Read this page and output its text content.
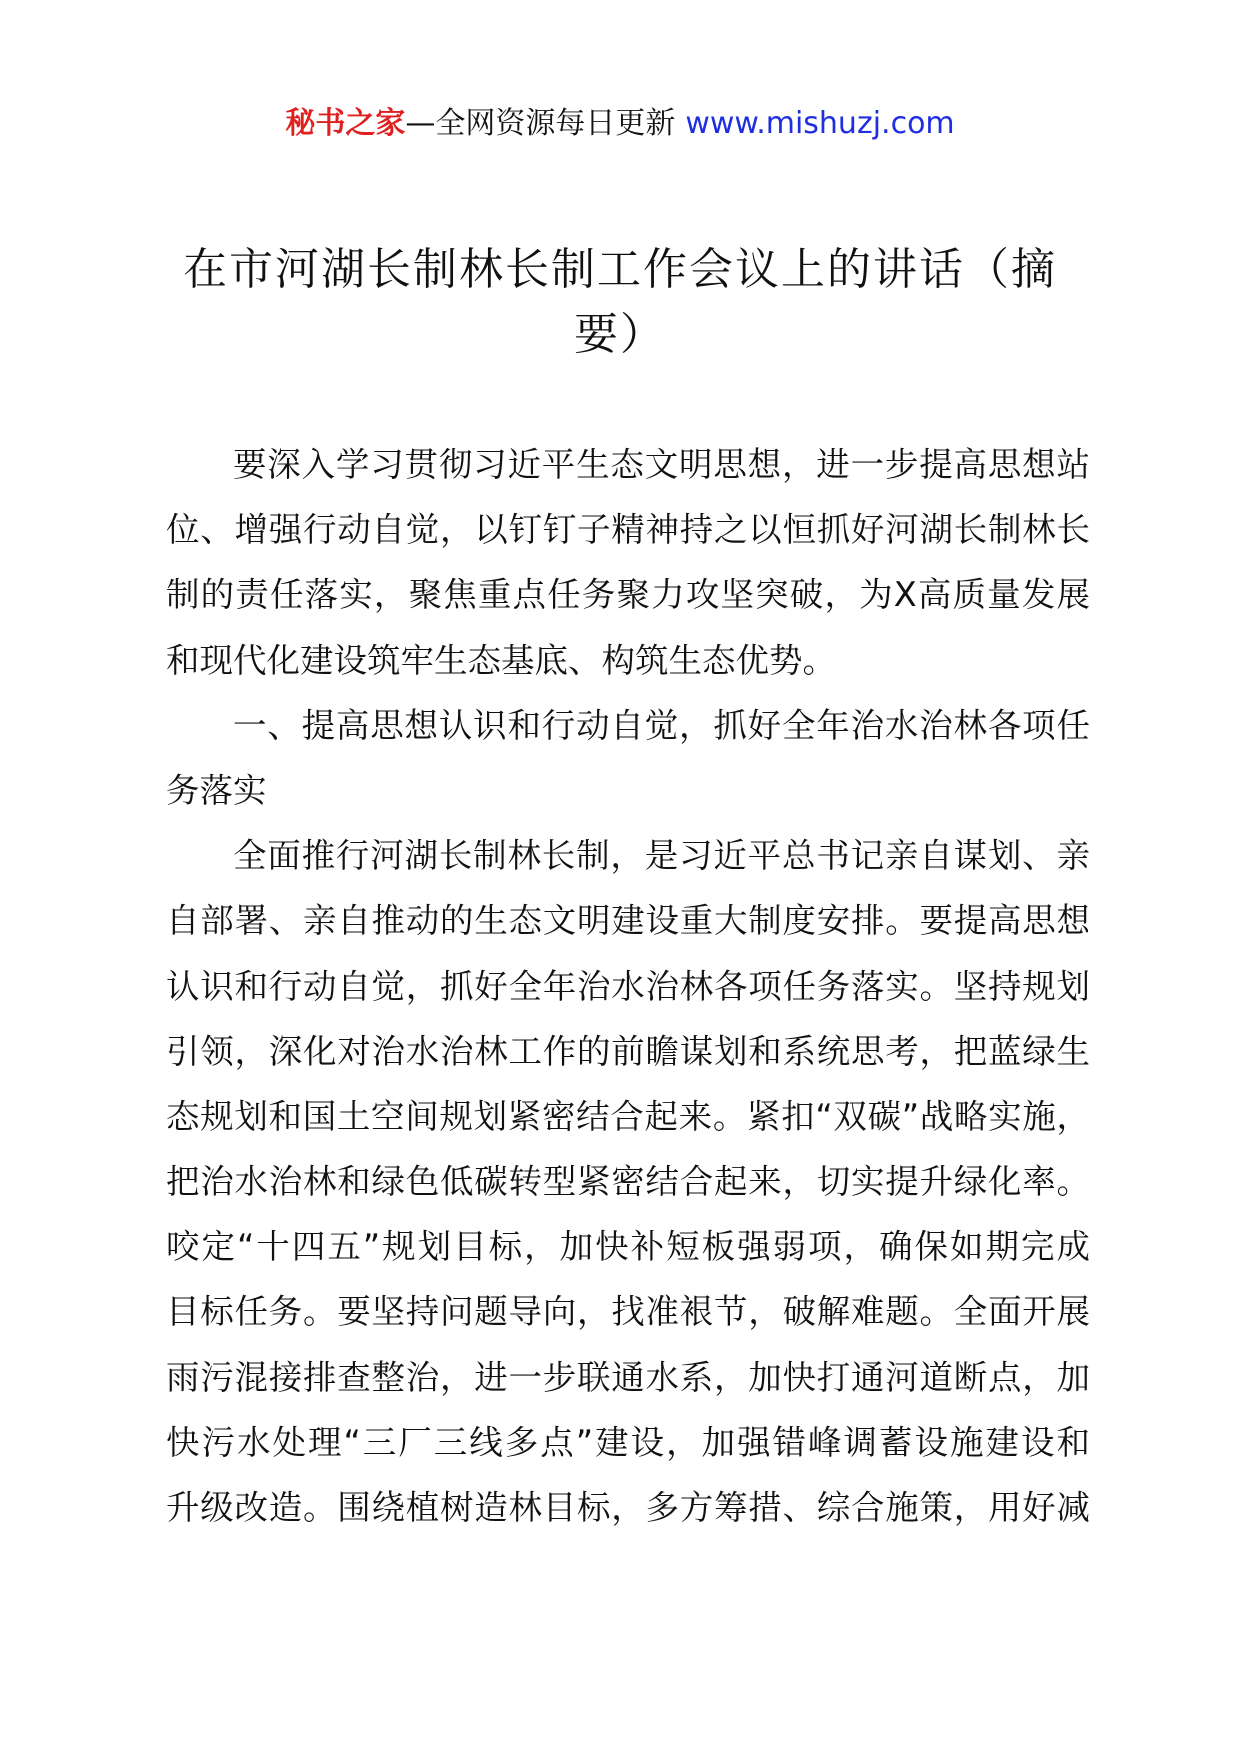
秘书之家—全网资源每日更新 www.mishuzj.com
在市河湖长制林长制工作会议上的讲话（摘
要）
要深入学习贯彻习近平生态文明思想，进一步提高思想站
位、增强行动自觉，以钉钉子精神持之以恒抓好河湖长制林长
制的责任落实，聚焦重点任务聚力攻坚突破，为X高质量发展
和现代化建设筑牢生态基底、构筑生态优势。
一、提高思想认识和行动自觉，抓好全年治水治林各项任
务落实
全面推行河湖长制林长制，是习近平总书记亲自谋划、亲
自部署、亲自推动的生态文明建设重大制度安排。要提高思想
认识和行动自觉，抓好全年治水治林各项任务落实。坚持规划
引领，深化对治水治林工作的前瞻谋划和系统思考，把蓝绿生
态规划和国土空间规划紧密结合起来。紧扣“双碳”战略实施，
把治水治林和绿色低碳转型紧密结合起来，切实提升绿化率。
咬定“十四五”规划目标，加快补短板强弱项，确保如期完成
目标任务。要坚持问题导向，找准裉节，破解难题。全面开展
雨污混接排查整治，进一步联通水系，加快打通河道断点，加
快污水处理“三厂三线多点”建设，加强错峰调蓄设施建设和
升级改造。围绕植树造林目标，多方筹措、综合施策，用好减
